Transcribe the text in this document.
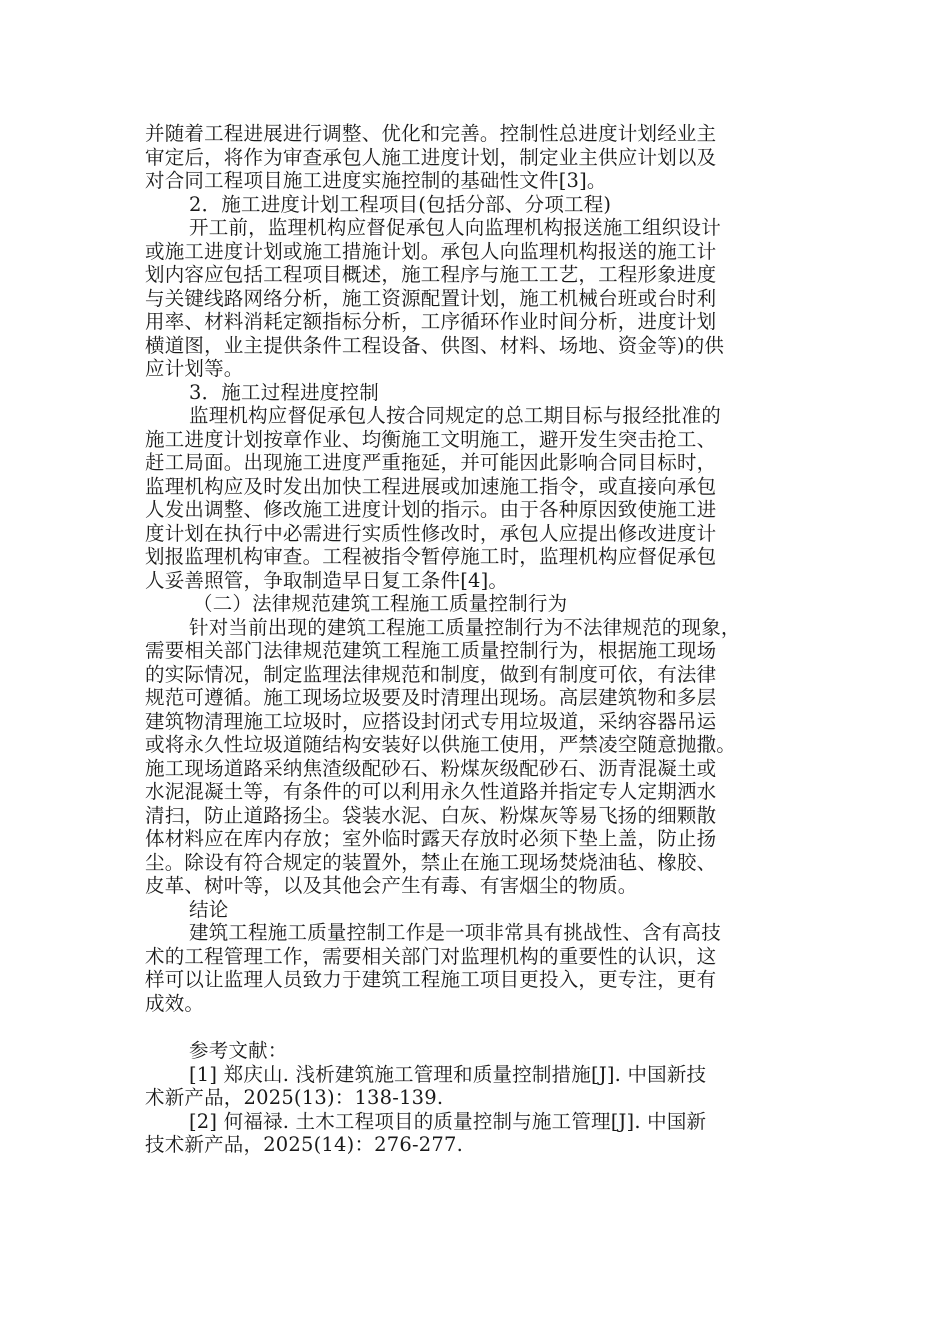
并随着工程进展进行调整、优化和完善。控制性总进度计划经业主
审定后，将作为审查承包人施工进度计划，制定业主供应计划以及
对合同工程项目施工进度实施控制的基础性文件[3]。
2．施工进度计划工程项目(包括分部、分项工程)
开工前，监理机构应督促承包人向监理机构报送施工组织设计
或施工进度计划或施工措施计划。承包人向监理机构报送的施工计
划内容应包括工程项目概述，施工程序与施工工艺，工程形象进度
与关键线路网络分析，施工资源配置计划，施工机械台班或台时利
用率、材料消耗定额指标分析，工序循环作业时间分析，进度计划
横道图，业主提供条件工程设备、供图、材料、场地、资金等)的供
应计划等。
3．施工过程进度控制
监理机构应督促承包人按合同规定的总工期目标与报经批准的
施工进度计划按章作业、均衡施工文明施工，避开发生突击抢工、
赶工局面。出现施工进度严重拖延，并可能因此影响合同目标时，
监理机构应及时发出加快工程进展或加速施工指令，或直接向承包
人发出调整、修改施工进度计划的指示。由于各种原因致使施工进
度计划在执行中必需进行实质性修改时，承包人应提出修改进度计
划报监理机构审查。工程被指令暂停施工时，监理机构应督促承包
人妥善照管，争取制造早日复工条件[4]。
（二）法律规范建筑工程施工质量控制行为
针对当前出现的建筑工程施工质量控制行为不法律规范的现象，
需要相关部门法律规范建筑工程施工质量控制行为，根据施工现场
的实际情况，制定监理法律规范和制度，做到有制度可依，有法律
规范可遵循。施工现场垃圾要及时清理出现场。高层建筑物和多层
建筑物清理施工垃圾时，应搭设封闭式专用垃圾道，采纳容器吊运
或将永久性垃圾道随结构安装好以供施工使用，严禁凌空随意抛撒。
施工现场道路采纳焦渣级配砂石、粉煤灰级配砂石、沥青混凝土或
水泥混凝土等，有条件的可以利用永久性道路并指定专人定期洒水
清扫，防止道路扬尘。袋装水泥、白灰、粉煤灰等易飞扬的细颗散
体材料应在库内存放；室外临时露天存放时必须下垫上盖，防止扬
尘。除设有符合规定的装置外，禁止在施工现场焚烧油毡、橡胶、
皮革、树叶等，以及其他会产生有毒、有害烟尘的物质。
结论
建筑工程施工质量控制工作是一项非常具有挑战性、含有高技
术的工程管理工作，需要相关部门对监理机构的重要性的认识，这
样可以让监理人员致力于建筑工程施工项目更投入，更专注，更有
成效。
参考文献：
[1] 郑庆山. 浅析建筑施工管理和质量控制措施[J]. 中国新技
术新产品，2025(13)：138-139.
[2] 何福禄. 土木工程项目的质量控制与施工管理[J]. 中国新
技术新产品，2025(14)：276-277.
